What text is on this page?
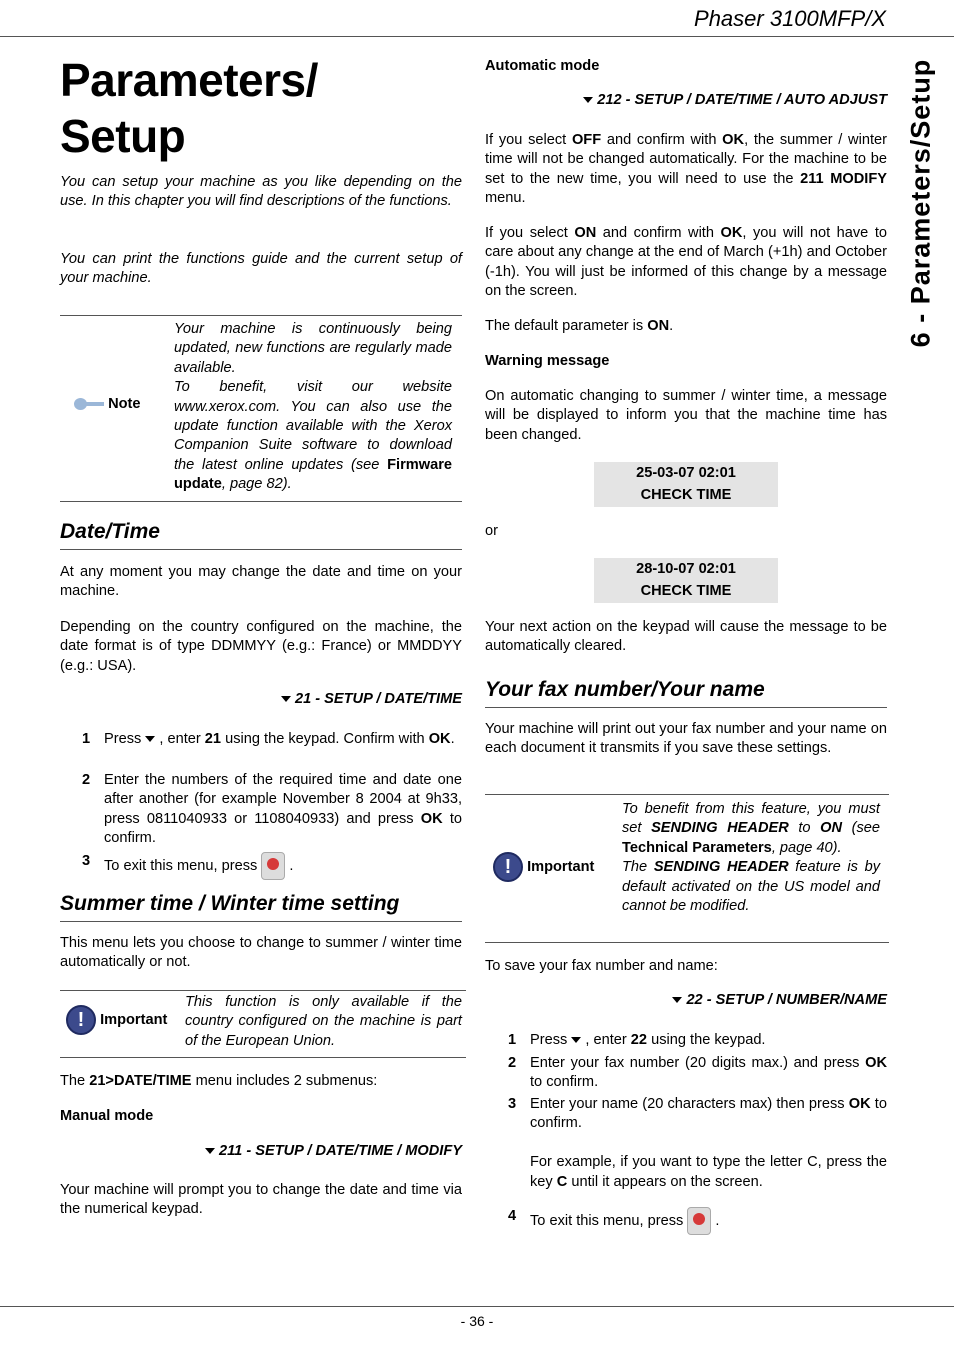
Phaser 3100MFP/X
6 - Parameters/Setup
Parameters/
Setup

You can setup your machine as you like depending on the use. In this chapter you will find descriptions of the functions.

You can print the functions guide and the current setup of your machine.

Note
Your machine is continuously being updated, new functions are regularly made available.
To benefit, visit our website www.xerox.com. You can also use the update function available with the Xerox Companion Suite software to download the latest online updates (see Firmware update, page 82).
Date/Time

At any moment you may change the date and time on your machine.

Depending on the country configured on the machine, the date format is of type DDMMYY (e.g.: France) or MMDDYY (e.g.: USA).

21 - SETUP / DATE/TIME
1 Press , enter 21 using the keypad. Confirm with OK.
2 Enter the numbers of the required time and date one after another (for example November 8 2004 at 9h33, press 0811040933 or 1108040933) and press OK to confirm.
3 To exit this menu, press  .
Summer time / Winter time setting

This menu lets you choose to change to summer / winter time automatically or not.

! Important

This function is only available if the country configured on the machine is part of the European Union.

The 21>DATE/TIME menu includes 2 submenus:

Manual mode
211 - SETUP / DATE/TIME / MODIFY

Your machine will prompt you to change the date and time via the numerical keypad.

Automatic mode
212 - SETUP / DATE/TIME / AUTO ADJUST

If you select OFF and confirm with OK, the summer / winter time will not be changed automatically. For the machine to be set to the new time, you will need to use the 211 MODIFY menu.

If you select ON and confirm with OK, you will not have to care about any change at the end of March (+1h) and October (-1h). You will just be informed of this change by a message on the screen.

The default parameter is ON.

Warning message

On automatic changing to summer / winter time, a message will be displayed to inform you that the machine time has been changed.

25-03-07 02:01
CHECK TIME
or
28-10-07 02:01
CHECK TIME

Your next action on the keypad will cause the message to be automatically cleared.

Your fax number/Your name

Your machine will print out your fax number and your name on each document it transmits if you save these settings.

! Important
To benefit from this feature, you must set SENDING HEADER to ON (see Technical Parameters, page 40).
The SENDING HEADER feature is by default activated on the US model and cannot be modified.

To save your fax number and name:

22 - SETUP / NUMBER/NAME
1 Press , enter 22 using the keypad.
2 Enter your fax number (20 digits max.) and press OK to confirm.
3 Enter your name (20 characters max) then press OK to confirm.
For example, if you want to type the letter C, press the key C until it appears on the screen.
4 To exit this menu, press  .
- 36 -
